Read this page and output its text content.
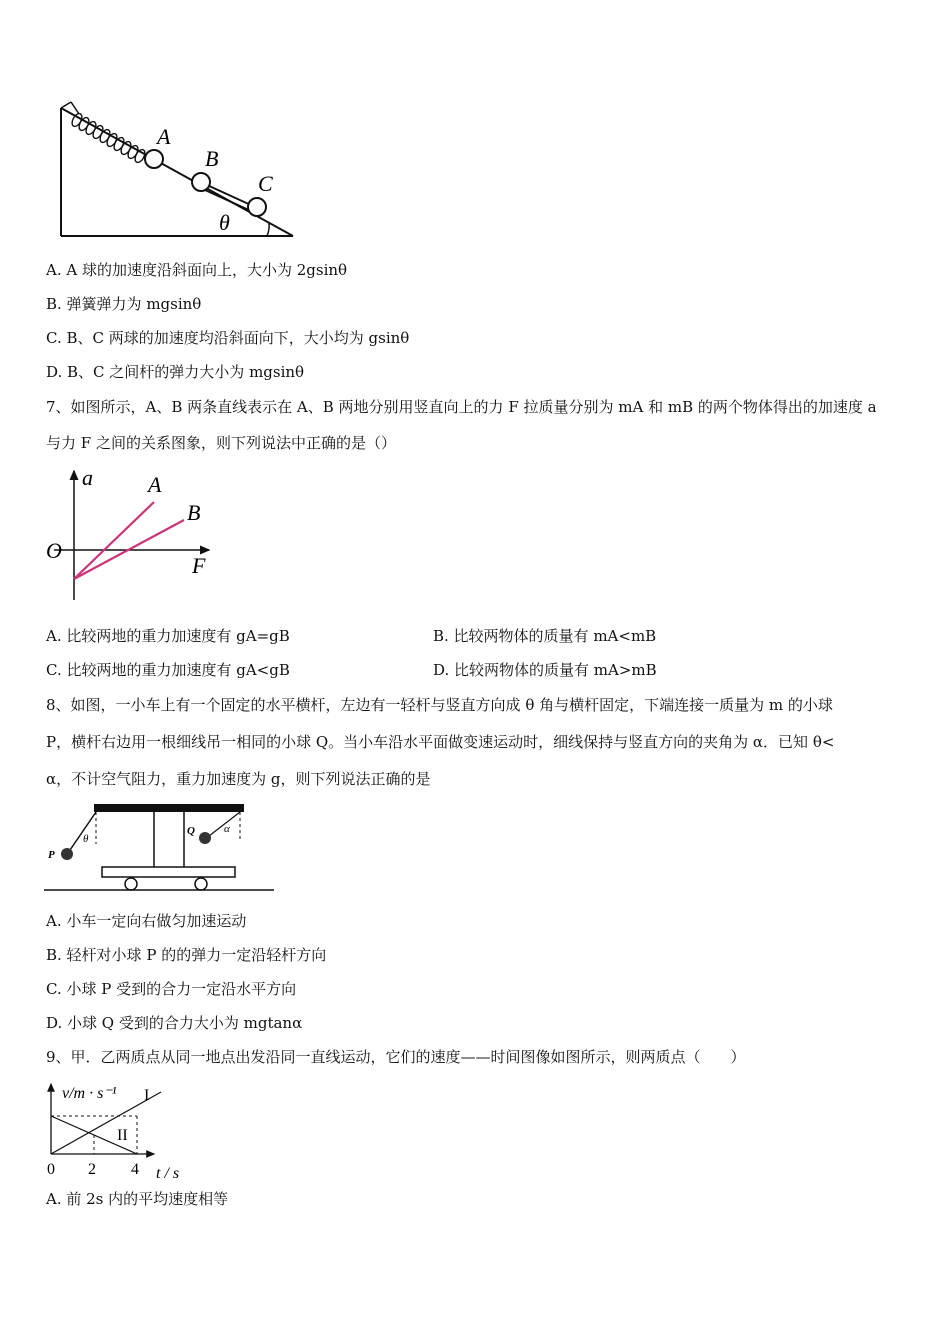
A
B
C
θ
A. A 球的加速度沿斜面向上，大小为 2gsinθ
B. 弹簧弹力为 mgsinθ
C. B、C 两球的加速度均沿斜面向下，大小均为 gsinθ
D. B、C 之间杆的弹力大小为 mgsinθ
7、如图所示，A、B 两条直线表示在 A、B 两地分别用竖直向上的力 F 拉质量分别为 mA 和 mB 的两个物体得出的加速度 a
与力 F 之间的关系图象，则下列说法中正确的是（）
a
F
O
A
B
A. 比较两地的重力加速度有 gA=gB	B. 比较两物体的质量有 mA<mB
C. 比较两地的重力加速度有 gA<gB	D. 比较两物体的质量有 mA>mB
8、如图，一小车上有一个固定的水平横杆，左边有一轻杆与竖直方向成 θ 角与横杆固定，下端连接一质量为 m 的小球
P，横杆右边用一根细线吊一相同的小球 Q。当小车沿水平面做变速运动时，细线保持与竖直方向的夹角为 α．已知 θ<
α，不计空气阻力，重力加速度为 g，则下列说法正确的是
P
Q
θ
α
A. 小车一定向右做匀加速运动
B. 轻杆对小球 P 的的弹力一定沿轻杆方向
C. 小球 P 受到的合力一定沿水平方向
D. 小球 Q 受到的合力大小为 mgtanα
9、甲．乙两质点从同一地点出发沿同一直线运动，它们的速度——时间图像如图所示，则两质点（　　）
v/m · s⁻¹ I
II
0 2 4 t / s
A. 前 2s 内的平均速度相等
